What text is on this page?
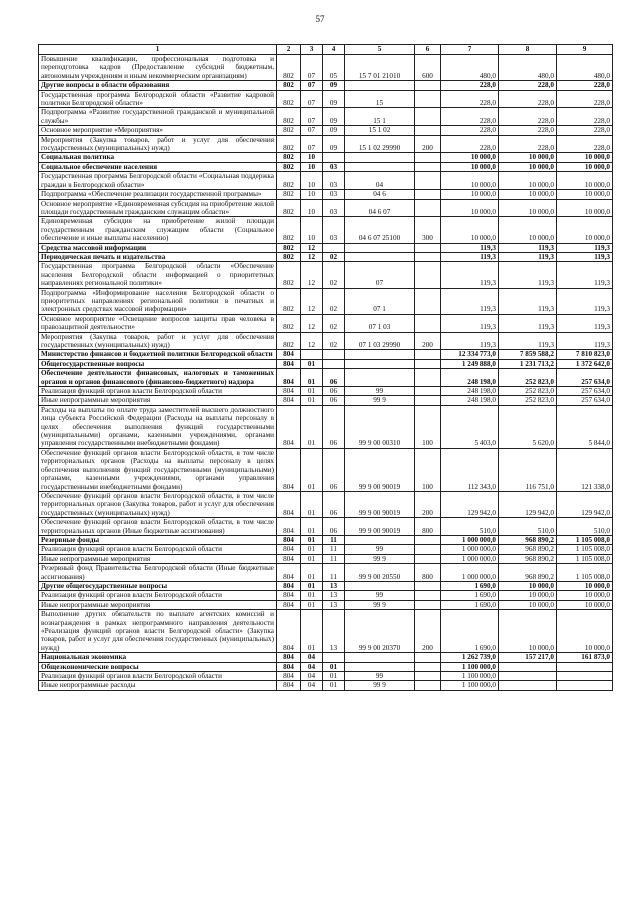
57
1	2	3	4	5	6	7	8	9
Повышение квалификации, профессиональная подготовка и переподготовка кадров (Предоставление субсидий бюджетным, автономным учреждениям и иным некоммерческим организациям)	802	07	05	15 7 01 21010	600	480,0	480,0	480,0
Другие вопросы в области образования	802	07	09			228,0	228,0	228,0
Государственная программа Белгородской области «Развитие кадровой политики Белгородской области»	802	07	09	15		228,0	228,0	228,0
Подпрограмма «Развитие государственной гражданской и муниципальной службы»	802	07	09	15 1		228,0	228,0	228,0
Основное мероприятие «Мероприятия»	802	07	09	15 1 02		228,0	228,0	228,0
Мероприятия (Закупка товаров, работ и услуг для обеспечения государственных (муниципальных) нужд)	802	07	09	15 1 02 29990	200	228,0	228,0	228,0
Социальная политика	802	10				10 000,0	10 000,0	10 000,0
Социальное обеспечение населения	802	10	03			10 000,0	10 000,0	10 000,0
Государственная программа Белгородской области «Социальная поддержка граждан в Белгородской области»	802	10	03	04		10 000,0	10 000,0	10 000,0
Подпрограмма «Обеспечение реализации государственной программы»	802	10	03	04 6		10 000,0	10 000,0	10 000,0
Основное мероприятие «Единовременная субсидия на приобретение жилой площади государственным гражданским служащим области»	802	10	03	04 6 07		10 000,0	10 000,0	10 000,0
Единовременная субсидия на приобретение жилой площади государственным гражданским служащим области (Социальное обеспечение и иные выплаты населению)	802	10	03	04 6 07 25100	300	10 000,0	10 000,0	10 000,0
Средства массовой информации	802	12				119,3	119,3	119,3
Периодическая печать и издательства	802	12	02			119,3	119,3	119,3
Государственная программа Белгородской области «Обеспечение населения Белгородской области информацией о приоритетных направлениях региональной политики»	802	12	02	07		119,3	119,3	119,3
Подпрограмма «Информирование населения Белгородской области о приоритетных направлениях региональной политики в печатных и электронных средствах массовой информации»	802	12	02	07 1		119,3	119,3	119,3
Основное мероприятие «Освещение вопросов защиты прав человека в правозащитной деятельности»	802	12	02	07 1 03		119,3	119,3	119,3
Мероприятия (Закупка товаров, работ и услуг для обеспечения государственных (муниципальных) нужд)	802	12	02	07 1 03 29990	200	119,3	119,3	119,3
Министерство финансов и бюджетной политики Белгородской области	804					12 334 773,0	7 859 588,2	7 810 823,0
Общегосударственные вопросы	804	01				1 249 888,0	1 231 713,2	1 372 642,0
Обеспечение деятельности финансовых, налоговых и таможенных органов и органов финансового (финансово-бюджетного) надзора	804	01	06			248 198,0	252 823,0	257 634,0
Реализация функций органов власти Белгородской области	804	01	06	99		248 198,0	252 823,0	257 634,0
Иные непрограммные мероприятия	804	01	06	99 9		248 198,0	252 823,0	257 634,0
Расходы на выплаты по оплате труда заместителей высшего должностного лица субъекта Российской Федерации (Расходы на выплаты персоналу в целях обеспечения выполнения функций государственными (муниципальными) органами, казенными учреждениями, органами управления государственными внебюджетными фондами)	804	01	06	99 9 00 00310	100	5 403,0	5 620,0	5 844,0
Обеспечение функций органов власти Белгородской области, в том числе территориальных органов (Расходы на выплаты персоналу в целях обеспечения выполнения функций государственными (муниципальными) органами, казенными учреждениями, органами управления государственными внебюджетными фондами)	804	01	06	99 9 00 90019	100	112 343,0	116 751,0	121 338,0
Обеспечение функций органов власти Белгородской области, в том числе территориальных органов (Закупка товаров, работ и услуг для обеспечения государственных (муниципальных) нужд)	804	01	06	99 9 00 90019	200	129 942,0	129 942,0	129 942,0
Обеспечение функций органов власти Белгородской области, в том числе территориальных органов (Иные бюджетные ассигнования)	804	01	06	99 9 00 90019	800	510,0	510,0	510,0
Резервные фонды	804	01	11			1 000 000,0	968 890,2	1 105 008,0
Реализация функций органов власти Белгородской области	804	01	11	99		1 000 000,0	968 890,2	1 105 008,0
Иные непрограммные мероприятия	804	01	11	99 9		1 000 000,0	968 890,2	1 105 008,0
Резервный фонд Правительства Белгородской области (Иные бюджетные ассигнования)	804	01	11	99 9 00 20550	800	1 000 000,0	968 890,2	1 105 008,0
Другие общегосударственные вопросы	804	01	13			1 690,0	10 000,0	10 000,0
Реализация функций органов власти Белгородской области	804	01	13	99		1 690,0	10 000,0	10 000,0
Иные непрограммные мероприятия	804	01	13	99 9		1 690,0	10 000,0	10 000,0
Выполнение других обязательств по выплате агентских комиссий и вознаграждения в рамках непрограммного направления деятельности «Реализация функций органов власти Белгородской области» (Закупка товаров, работ и услуг для обеспечения государственных (муниципальных) нужд)	804	01	13	99 9 00 20370	200	1 690,0	10 000,0	10 000,0
Национальная экономика	804	04				1 262 739,0	157 217,0	161 873,0
Общеэкономические вопросы	804	04	01			1 100 000,0		
Реализация функций органов власти Белгородской области	804	04	01	99		1 100 000,0		
Иные непрограммные расходы	804	04	01	99 9		1 100 000,0		
